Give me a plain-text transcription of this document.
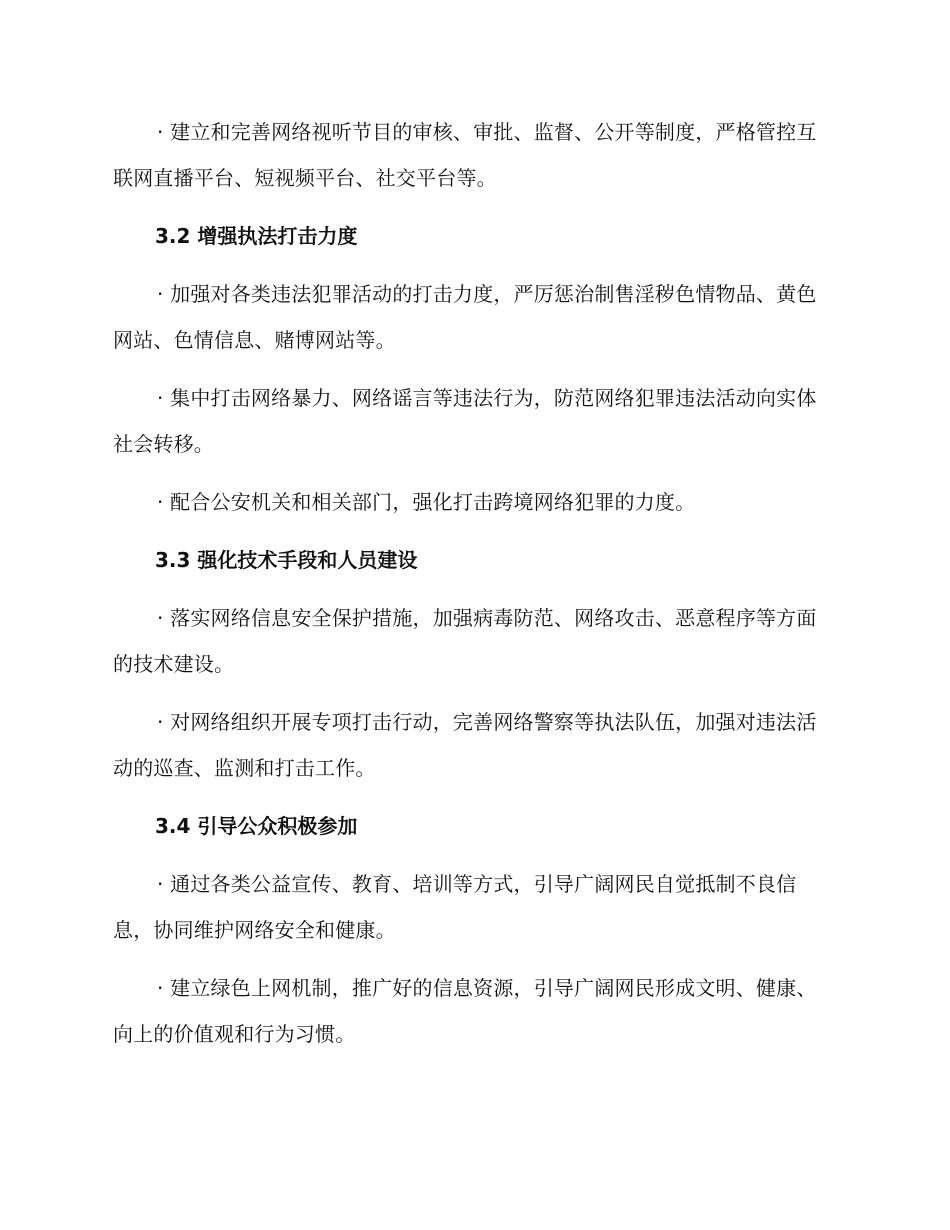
· 建立和完善网络视听节目的审核、审批、监督、公开等制度，严格管控互联网直播平台、短视频平台、社交平台等。

3.2 增强执法打击力度

· 加强对各类违法犯罪活动的打击力度，严厉惩治制售淫秽色情物品、黄色网站、色情信息、赌博网站等。

· 集中打击网络暴力、网络谣言等违法行为，防范网络犯罪违法活动向实体社会转移。

· 配合公安机关和相关部门，强化打击跨境网络犯罪的力度。

3.3 强化技术手段和人员建设

· 落实网络信息安全保护措施，加强病毒防范、网络攻击、恶意程序等方面的技术建设。

· 对网络组织开展专项打击行动，完善网络警察等执法队伍，加强对违法活动的巡查、监测和打击工作。

3.4 引导公众积极参加

· 通过各类公益宣传、教育、培训等方式，引导广阔网民自觉抵制不良信息，协同维护网络安全和健康。

· 建立绿色上网机制，推广好的信息资源，引导广阔网民形成文明、健康、向上的价值观和行为习惯。
